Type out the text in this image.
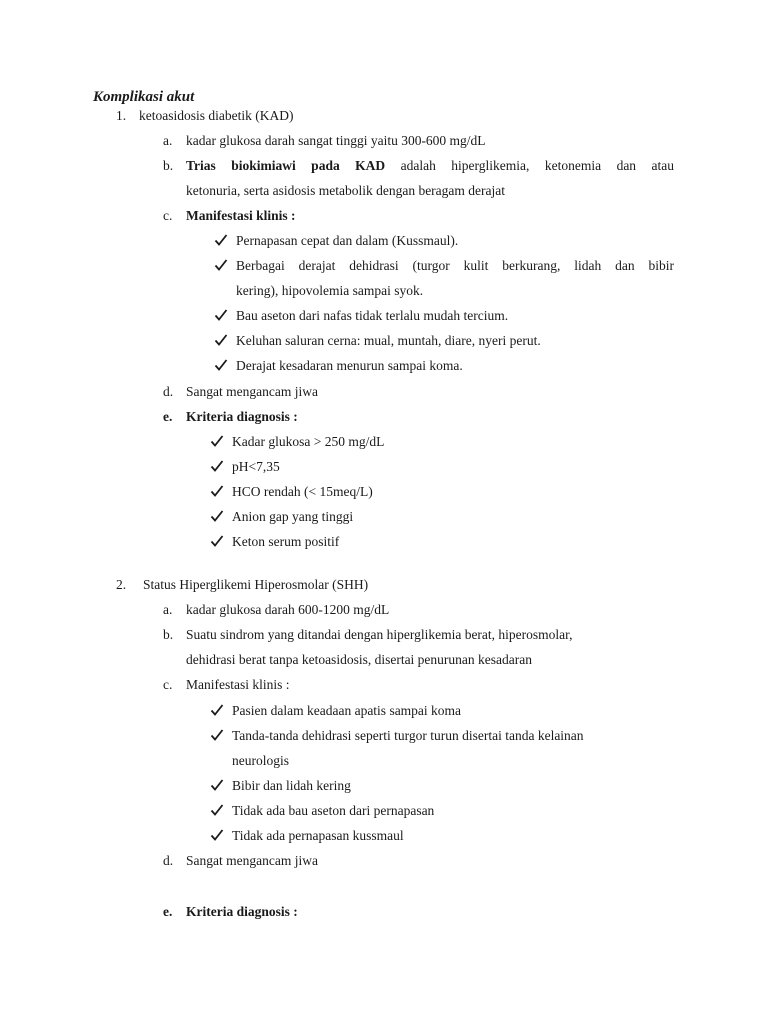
Komplikasi akut
1. ketoasidosis diabetik (KAD)
a. kadar glukosa darah sangat tinggi yaitu 300-600 mg/dL
b. Trias biokimiawi pada KAD adalah hiperglikemia, ketonemia dan atau
ketonuria, serta asidosis metabolik dengan beragam derajat
c. Manifestasi klinis :
Pernapasan cepat dan dalam (Kussmaul).
Berbagai derajat dehidrasi (turgor kulit berkurang, lidah dan bibir
kering), hipovolemia sampai syok.
Bau aseton dari nafas tidak terlalu mudah tercium.
Keluhan saluran cerna: mual, muntah, diare, nyeri perut.
Derajat kesadaran menurun sampai koma.
d. Sangat mengancam jiwa
e. Kriteria diagnosis :
Kadar glukosa > 250 mg/dL
pH<7,35
HCO rendah (< 15meq/L)
Anion gap yang tinggi
Keton serum positif
2. Status Hiperglikemi Hiperosmolar (SHH)
a. kadar glukosa darah 600-1200 mg/dL
b. Suatu sindrom yang ditandai dengan hiperglikemia berat, hiperosmolar,
dehidrasi berat tanpa ketoasidosis, disertai penurunan kesadaran
c. Manifestasi klinis :
Pasien dalam keadaan apatis sampai koma
Tanda-tanda dehidrasi seperti turgor turun disertai tanda kelainan
neurologis
Bibir dan lidah kering
Tidak ada bau aseton dari pernapasan
Tidak ada pernapasan kussmaul
d. Sangat mengancam jiwa
e. Kriteria diagnosis :
